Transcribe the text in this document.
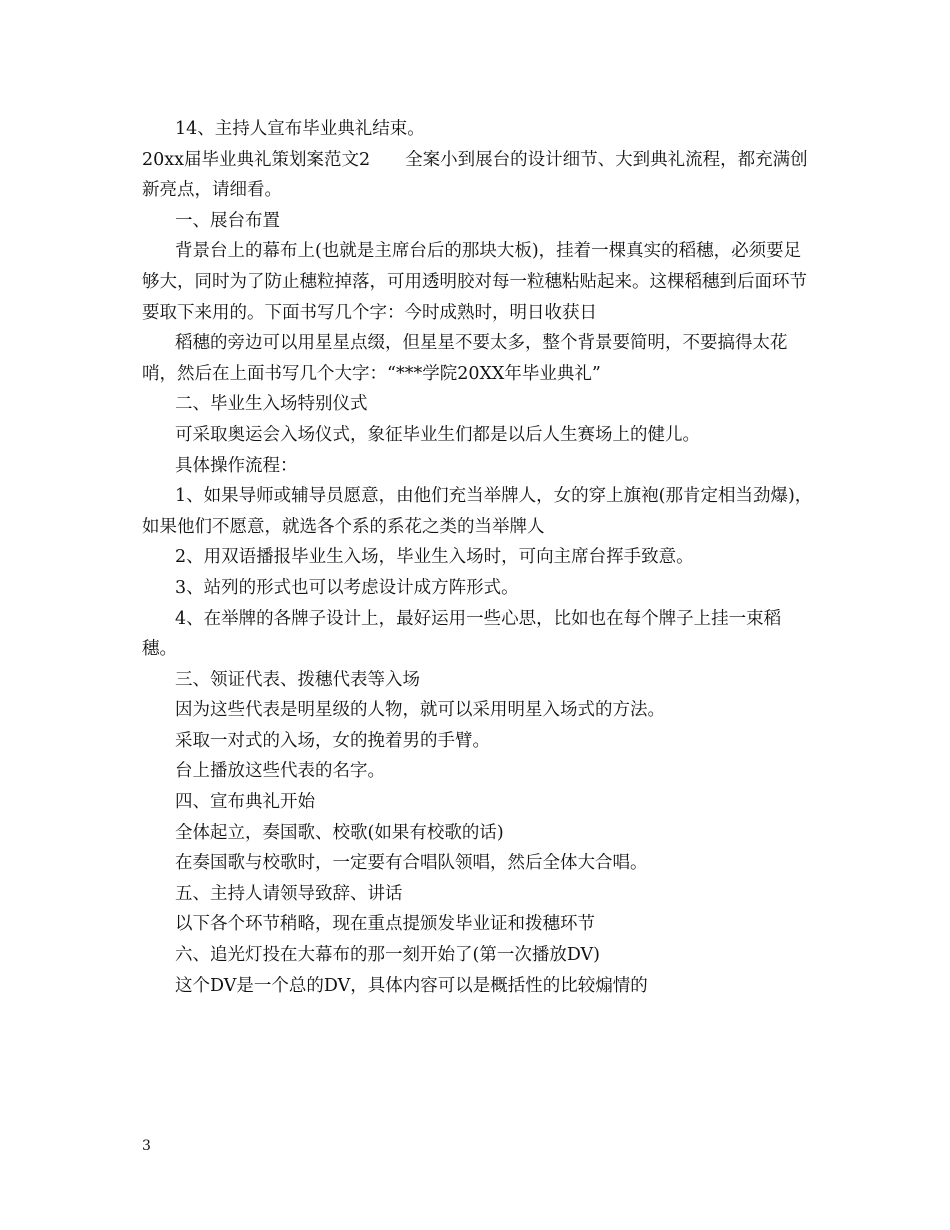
14、主持人宣布毕业典礼结束。

20xx届毕业典礼策划案范文2　　全案小到展台的设计细节、大到典礼流程，都充满创新亮点，请细看。

一、展台布置

背景台上的幕布上(也就是主席台后的那块大板)，挂着一棵真实的稻穗，必须要足够大，同时为了防止穗粒掉落，可用透明胶对每一粒穗粘贴起来。这棵稻穗到后面环节要取下来用的。下面书写几个字：今时成熟时，明日收获日

稻穗的旁边可以用星星点缀，但星星不要太多，整个背景要简明，不要搞得太花哨，然后在上面书写几个大字：“***学院20XX年毕业典礼”

二、毕业生入场特别仪式

可采取奥运会入场仪式，象征毕业生们都是以后人生赛场上的健儿。

具体操作流程：

1、如果导师或辅导员愿意，由他们充当举牌人，女的穿上旗袍(那肯定相当劲爆)，如果他们不愿意，就选各个系的系花之类的当举牌人

2、用双语播报毕业生入场，毕业生入场时，可向主席台挥手致意。

3、站列的形式也可以考虑设计成方阵形式。

4、在举牌的各牌子设计上，最好运用一些心思，比如也在每个牌子上挂一束稻穗。

三、领证代表、拨穗代表等入场

因为这些代表是明星级的人物，就可以采用明星入场式的方法。

采取一对式的入场，女的挽着男的手臂。

台上播放这些代表的名字。

四、宣布典礼开始

全体起立，奏国歌、校歌(如果有校歌的话)

在奏国歌与校歌时，一定要有合唱队领唱，然后全体大合唱。

五、主持人请领导致辞、讲话

以下各个环节稍略，现在重点提颁发毕业证和拨穗环节

六、追光灯投在大幕布的那一刻开始了(第一次播放DV)

这个DV是一个总的DV，具体内容可以是概括性的比较煽情的

3
